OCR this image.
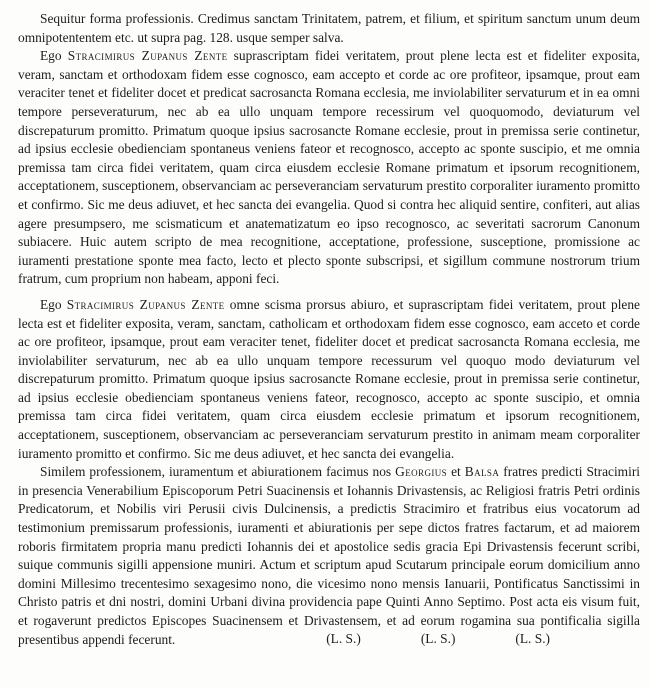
Sequitur forma professionis. Credimus sanctam Trinitatem, patrem, et filium, et spiritum sanctum unum deum omnipotententem etc. ut supra pag. 128. usque semper salva.

Ego Stracimirus Zupanus Zente suprascriptam fidei veritatem, prout plene lecta est et fideliter exposita, veram, sanctam et orthodoxam fidem esse cognosco, eam accepto et corde ac ore profiteor, ipsamque, prout eam veraciter tenet et fideliter docet et predicat sacrosancta Romana ecclesia, me inviolabiliter servaturum et in ea omni tempore perseveraturum, nec ab ea ullo unquam tempore recessirum vel quoquomodo, deviaturum vel discrepaturum promitto. Primatum quoque ipsius sacrosancte Romane ecclesie, prout in premissa serie continetur, ad ipsius ecclesie obedienciam spontaneus veniens fateor et recognosco, accepto ac sponte suscipio, et me omnia premissa tam circa fidei veritatem, quam circa eiusdem ecclesie Romane primatum et ipsorum recognitionem, acceptationem, susceptionem, observanciam ac perseveranciam servaturum prestito corporaliter iuramento promitto et confirmo. Sic me deus adiuvet, et hec sancta dei evangelia. Quod si contra hec aliquid sentire, confiteri, aut alias agere presumpsero, me scismaticum et anatematizatum eo ipso recognosco, ac severitati sacrorum Canonum subiacere. Huic autem scripto de mea recognitione, acceptatione, professione, susceptione, promissione ac iuramenti prestatione sponte mea facto, lecto et plecto sponte subscripsi, et sigillum commune nostrorum trium fratrum, cum proprium non habeam, apponi feci.

Ego Stracimirus Zupanus Zente omne scisma prorsus abiuro, et suprascriptam fidei veritatem, prout plene lecta est et fideliter exposita, veram, sanctam, catholicam et orthodoxam fidem esse cognosco, eam acceto et corde ac ore profiteor, ipsamque, prout eam veraciter tenet, fideliter docet et predicat sacrosancta Romana ecclesia, me inviolabiliter servaturum, nec ab ea ullo unquam tempore recessurum vel quoquo modo deviaturum vel discrepaturum promitto. Primatum quoque ipsius sacrosancte Romane ecclesie, prout in premissa serie continetur, ad ipsius ecclesie obedienciam spontaneus veniens fateor, recognosco, accepto ac sponte suscipio, et omnia premissa tam circa fidei veritatem, quam circa eiusdem ecclesie primatum et ipsorum recognitionem, acceptationem, susceptionem, observanciam ac perseveranciam servaturum prestito in animam meam corporaliter iuramento promitto et confirmo. Sic me deus adiuvet, et hec sancta dei evangelia.

Similem professionem, iuramentum et abiurationem facimus nos Georgius et Balsa fratres predicti Stracimiri in presencia Venerabilium Episcoporum Petri Suacinensis et Iohannis Drivastensis, ac Religiosi fratris Petri ordinis Predicatorum, et Nobilis viri Perusii civis Dulcinensis, a predictis Stracimiro et fratribus eius vocatorum ad testimonium premissarum professionis, iuramenti et abiurationis per sepe dictos fratres factarum, et ad maiorem roboris firmitatem propria manu predicti Iohannis dei et apostolice sedis gracia Epi Drivastensis fecerunt scribi, suique communis sigilli appensione muniri. Actum et scriptum apud Scutarum principale eorum domicilium anno domini Millesimo trecentesimo sexagesimo nono, die vicesimo nono mensis Ianuarii, Pontificatus Sanctissimi in Christo patris et dni nostri, domini Urbani divina providencia pape Quinti Anno Septimo. Post acta eis visum fuit, et rogaverunt predictos Episcopes Suacinensem et Drivastensem, et ad eorum rogamina sua pontificalia sigilla presentibus appendi fecerunt.	(L. S.)	(L. S.)	(L. S.)
